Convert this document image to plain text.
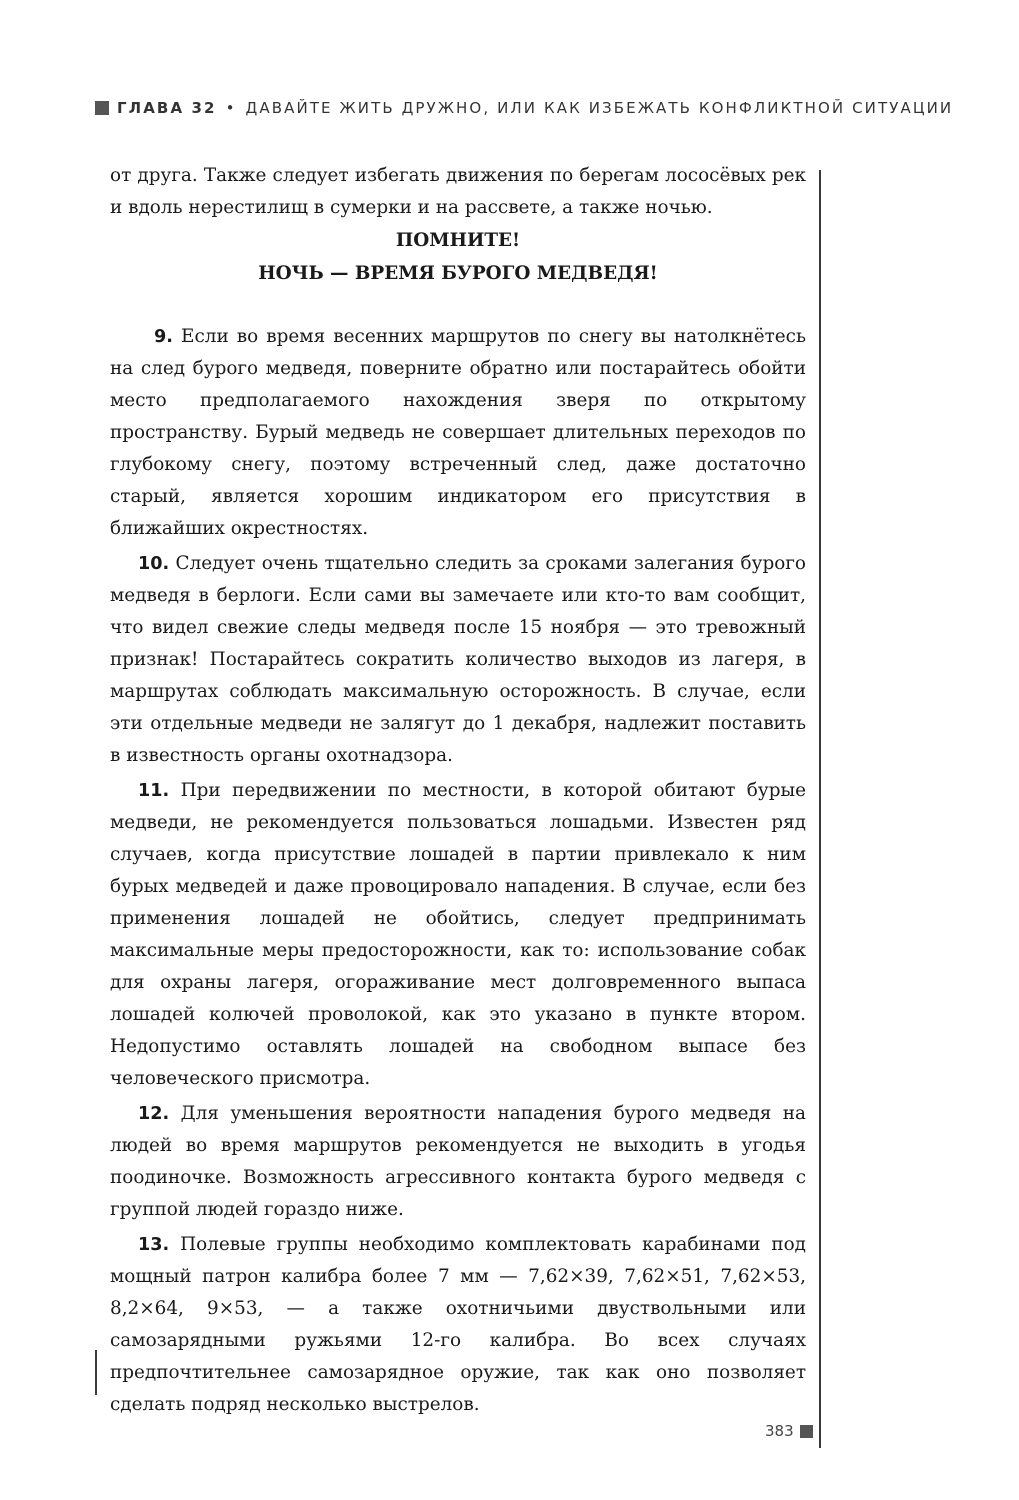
ГЛАВА 32 • ДАВАЙТЕ ЖИТЬ ДРУЖНО, ИЛИ КАК ИЗБЕЖАТЬ КОНФЛИКТНОЙ СИТУАЦИИ

от друга. Также следует избегать движения по берегам лососёвых рек и вдоль нерестилищ в сумерки и на рассвете, а также ночью.

ПОМНИТЕ!
НОЧЬ — ВРЕМЯ БУРОГО МЕДВЕДЯ!

9. Если во время весенних маршрутов по снегу вы натолкнётесь на след бурого медведя, поверните обратно или постарайтесь обойти место предполагаемого нахождения зверя по открытому пространству. Бурый медведь не совершает длительных переходов по глубокому снегу, поэтому встреченный след, даже достаточно старый, является хорошим индикатором его присутствия в ближайших окрестностях.

10. Следует очень тщательно следить за сроками залегания бурого медведя в берлоги. Если сами вы замечаете или кто-то вам сообщит, что видел свежие следы медведя после 15 ноября — это тревожный признак! Постарайтесь сократить количество выходов из лагеря, в маршрутах соблюдать максимальную осторожность. В случае, если эти отдельные медведи не залягут до 1 декабря, надлежит поставить в известность органы охотнадзора.

11. При передвижении по местности, в которой обитают бурые медведи, не рекомендуется пользоваться лошадьми. Известен ряд случаев, когда присутствие лошадей в партии привлекало к ним бурых медведей и даже провоцировало нападения. В случае, если без применения лошадей не обойтись, следует предпринимать максимальные меры предосторожности, как то: использование собак для охраны лагеря, огораживание мест долговременного выпаса лошадей колючей проволокой, как это указано в пункте втором. Недопустимо оставлять лошадей на свободном выпасе без человеческого присмотра.

12. Для уменьшения вероятности нападения бурого медведя на людей во время маршрутов рекомендуется не выходить в угодья поодиночке. Возможность агрессивного контакта бурого медведя с группой людей гораздо ниже.

13. Полевые группы необходимо комплектовать карабинами под мощный патрон калибра более 7 мм — 7,62×39, 7,62×51, 7,62×53, 8,2×64, 9×53, — а также охотничьими двуствольными или самозарядными ружьями 12-го калибра. Во всех случаях предпочтительнее самозарядное оружие, так как оно позволяет сделать подряд несколько выстрелов.

383
